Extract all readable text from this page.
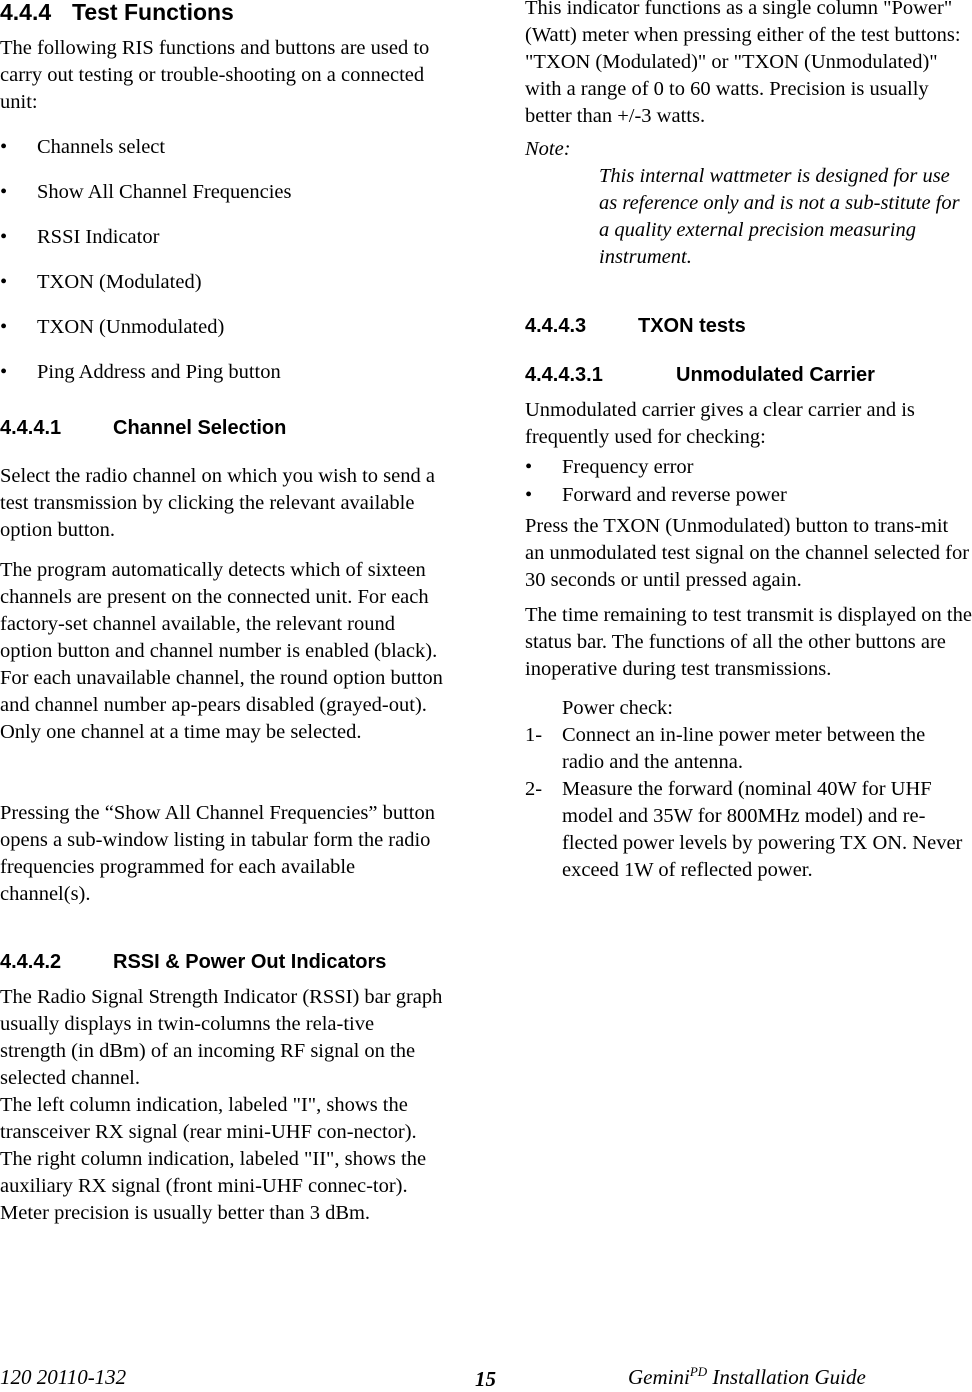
4.4.4 Test Functions

The following RIS functions and buttons are used to carry out testing or trouble-shooting on a connected unit:

• Channels select
• Show All Channel Frequencies
• RSSI Indicator
• TXON (Modulated)
• TXON (Unmodulated)
• Ping Address and Ping button
4.4.4.1	Channel Selection

Select the radio channel on which you wish to send a test transmission by clicking the relevant available option button.

The program automatically detects which of sixteen channels are present on the connected unit. For each factory-set channel available, the relevant round option button and channel number is enabled (black). For each unavailable channel, the round option button and channel number ap-pears disabled (grayed-out). Only one channel at a time may be selected.

Pressing the “Show All Channel Frequencies” button opens a sub-window listing in tabular form the radio frequencies programmed for each available channel(s).

4.4.4.2	RSSI & Power Out Indicators

The Radio Signal Strength Indicator (RSSI) bar graph usually displays in twin-columns the rela-tive strength (in dBm) of an incoming RF signal on the selected channel.

The left column indication, labeled "I", shows the transceiver RX signal (rear mini-UHF con-nector).

The right column indication, labeled "II", shows the auxiliary RX signal (front mini-UHF connec-tor).

Meter precision is usually better than 3 dBm.

This indicator functions as a single column "Power" (Watt) meter when pressing either of the test buttons: "TXON (Modulated)" or "TXON (Unmodulated)" with a range of 0 to 60 watts. Precision is usually better than +/-3 watts.

Note:

This internal wattmeter is designed for use as reference only and is not a sub-stitute for a quality external precision measuring instrument.

4.4.4.3	TXON tests
4.4.4.3.1	Unmodulated Carrier

Unmodulated carrier gives a clear carrier and is frequently used for checking:

• Frequency error
• Forward and reverse power

Press the TXON (Unmodulated) button to trans-mit an unmodulated test signal on the channel selected for 30 seconds or until pressed again.

The time remaining to test transmit is displayed on the status bar. The functions of all the other buttons are inoperative during test transmissions.

Power check:
1- Connect an in-line power meter between the radio and the antenna.
2- Measure the forward (nominal 40W for UHF model and 35W for 800MHz model) and re-flected power levels by powering TX ON. Never exceed 1W of reflected power.
120 20110-132	15	Gemini$^{PD}$ Installation Guide
